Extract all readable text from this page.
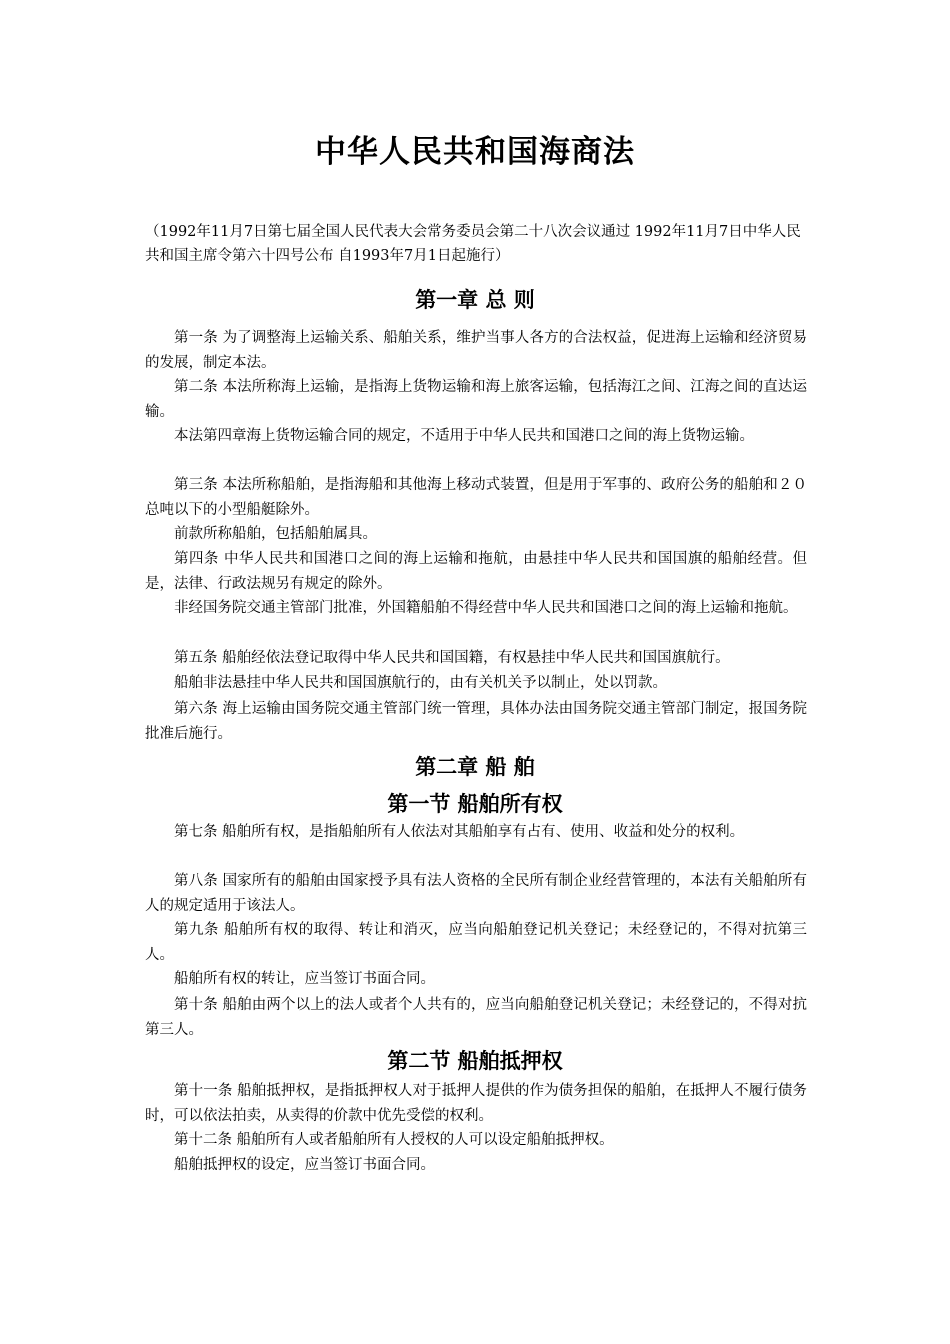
中华人民共和国海商法

（1992年11月7日第七届全国人民代表大会常务委员会第二十八次会议通过 1992年11月7日中华人民共和国主席令第六十四号公布 自1993年7月1日起施行）

第一章 总 则

第一条 为了调整海上运输关系、船舶关系，维护当事人各方的合法权益，促进海上运输和经济贸易的发展，制定本法。

第二条 本法所称海上运输，是指海上货物运输和海上旅客运输，包括海江之间、江海之间的直达运输。

本法第四章海上货物运输合同的规定，不适用于中华人民共和国港口之间的海上货物运输。

第三条 本法所称船舶，是指海船和其他海上移动式装置，但是用于军事的、政府公务的船舶和２０总吨以下的小型船艇除外。

前款所称船舶，包括船舶属具。

第四条 中华人民共和国港口之间的海上运输和拖航，由悬挂中华人民共和国国旗的船舶经营。但是，法律、行政法规另有规定的除外。

非经国务院交通主管部门批准，外国籍船舶不得经营中华人民共和国港口之间的海上运输和拖航。

第五条 船舶经依法登记取得中华人民共和国国籍，有权悬挂中华人民共和国国旗航行。

船舶非法悬挂中华人民共和国国旗航行的，由有关机关予以制止，处以罚款。

第六条 海上运输由国务院交通主管部门统一管理，具体办法由国务院交通主管部门制定，报国务院批准后施行。

第二章 船 舶
第一节 船舶所有权

第七条 船舶所有权，是指船舶所有人依法对其船舶享有占有、使用、收益和处分的权利。

第八条 国家所有的船舶由国家授予具有法人资格的全民所有制企业经营管理的，本法有关船舶所有人的规定适用于该法人。

第九条 船舶所有权的取得、转让和消灭，应当向船舶登记机关登记；未经登记的，不得对抗第三人。

船舶所有权的转让，应当签订书面合同。

第十条 船舶由两个以上的法人或者个人共有的，应当向船舶登记机关登记；未经登记的，不得对抗第三人。

第二节 船舶抵押权

第十一条 船舶抵押权，是指抵押权人对于抵押人提供的作为债务担保的船舶，在抵押人不履行债务时，可以依法拍卖，从卖得的价款中优先受偿的权利。

第十二条 船舶所有人或者船舶所有人授权的人可以设定船舶抵押权。

船舶抵押权的设定，应当签订书面合同。
